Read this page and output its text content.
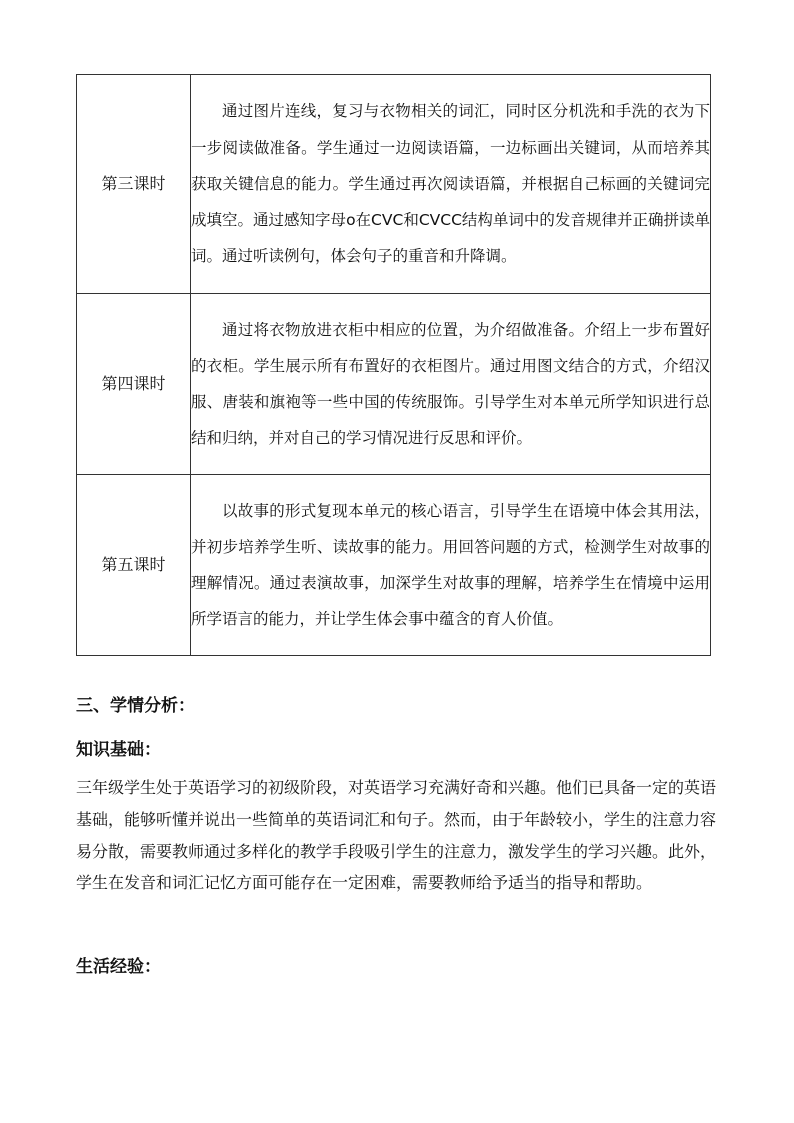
第三课时	通过图片连线，复习与衣物相关的词汇，同时区分机洗和手洗的衣为下一步阅读做准备。学生通过一边阅读语篇，一边标画出关键词，从而培养其获取关键信息的能力。学生通过再次阅读语篇，并根据自己标画的关键词完成填空。通过感知字母o在CVC和CVCC结构单词中的发音规律并正确拼读单词。通过听读例句，体会句子的重音和升降调。
第四课时	通过将衣物放进衣柜中相应的位置，为介绍做准备。介绍上一步布置好的衣柜。学生展示所有布置好的衣柜图片。通过用图文结合的方式，介绍汉服、唐装和旗袍等一些中国的传统服饰。引导学生对本单元所学知识进行总结和归纳，并对自己的学习情况进行反思和评价。
第五课时	以故事的形式复现本单元的核心语言，引导学生在语境中体会其用法，并初步培养学生听、读故事的能力。用回答问题的方式，检测学生对故事的理解情况。通过表演故事，加深学生对故事的理解，培养学生在情境中运用所学语言的能力，并让学生体会事中蕴含的育人价值。
三、学情分析：
知识基础：
三年级学生处于英语学习的初级阶段，对英语学习充满好奇和兴趣。他们已具备一定的英语基础，能够听懂并说出一些简单的英语词汇和句子。然而，由于年龄较小，学生的注意力容易分散，需要教师通过多样化的教学手段吸引学生的注意力，激发学生的学习兴趣。此外，学生在发音和词汇记忆方面可能存在一定困难，需要教师给予适当的指导和帮助。
生活经验：
